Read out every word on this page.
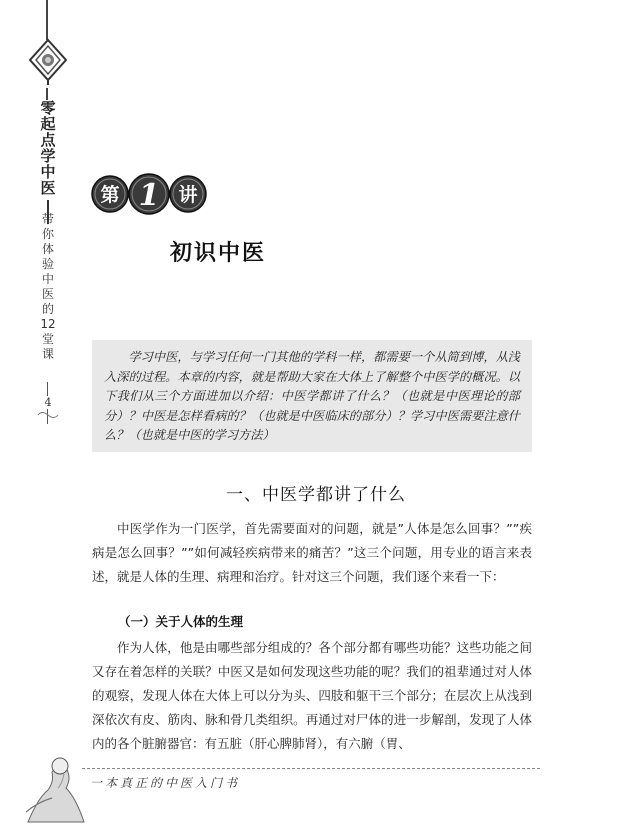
零
起
点
学
中
医
带
你
体
验
中
医
的
12
堂
课
4
第 1 讲
初识中医

学习中医，与学习任何一门其他的学科一样，都需要一个从简到博，从浅入深的过程。本章的内容，就是帮助大家在大体上了解整个中医学的概况。以下我们从三个方面进加以介绍：中医学都讲了什么？（也就是中医理论的部分）？中医是怎样看病的？（也就是中医临床的部分）？学习中医需要注意什么？（也就是中医的学习方法）

一、中医学都讲了什么

中医学作为一门医学，首先需要面对的问题，就是”人体是怎么回事？””疾病是怎么回事？””如何减轻疾病带来的痛苦？”这三个问题，用专业的语言来表述，就是人体的生理、病理和治疗。针对这三个问题，我们逐个来看一下：

（一）关于人体的生理

作为人体，他是由哪些部分组成的？各个部分都有哪些功能？这些功能之间又存在着怎样的关联？中医又是如何发现这些功能的呢？我们的祖辈通过对人体的观察，发现人体在大体上可以分为头、四肢和躯干三个部分；在层次上从浅到深依次有皮、筋肉、脉和骨几类组织。再通过对尸体的进一步解剖，发现了人体内的各个脏腑器官：有五脏（肝心脾肺肾），有六腑（胃、

一本真正的中医入门书
